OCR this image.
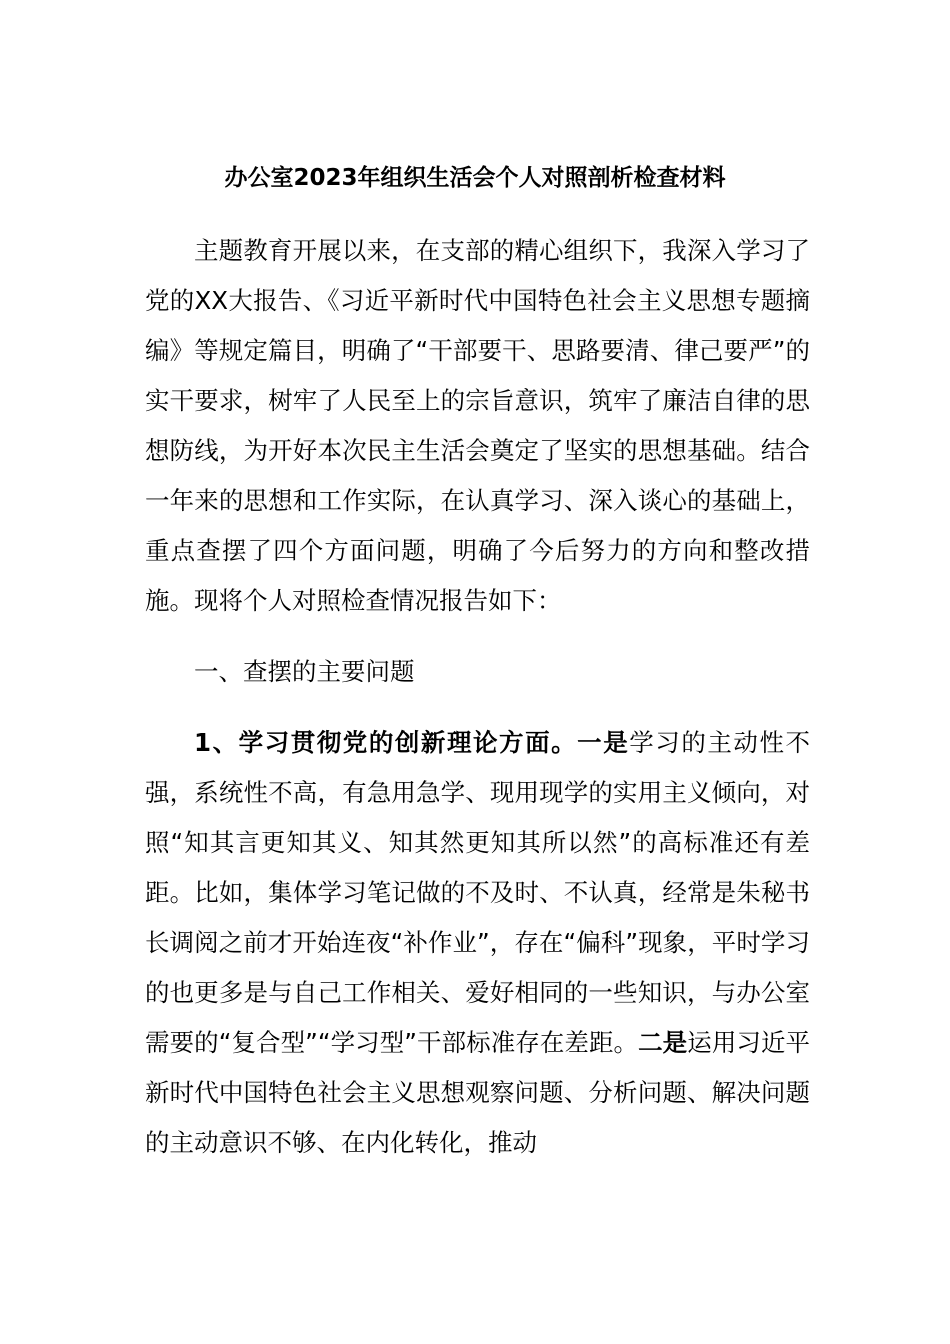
办公室2023年组织生活会个人对照剖析检查材料

主题教育开展以来，在支部的精心组织下，我深入学习了党的XX大报告、《习近平新时代中国特色社会主义思想专题摘编》等规定篇目，明确了“干部要干、思路要清、律己要严”的实干要求，树牢了人民至上的宗旨意识，筑牢了廉洁自律的思想防线，为开好本次民主生活会奠定了坚实的思想基础。结合一年来的思想和工作实际，在认真学习、深入谈心的基础上，重点查摆了四个方面问题，明确了今后努力的方向和整改措施。现将个人对照检查情况报告如下：

一、查摆的主要问题

1、学习贯彻党的创新理论方面。一是学习的主动性不强，系统性不高，有急用急学、现用现学的实用主义倾向，对照“知其言更知其义、知其然更知其所以然”的高标准还有差距。比如，集体学习笔记做的不及时、不认真，经常是朱秘书长调阅之前才开始连夜“补作业”，存在“偏科”现象，平时学习的也更多是与自己工作相关、爱好相同的一些知识，与办公室需要的“复合型”“学习型”干部标准存在差距。二是运用习近平新时代中国特色社会主义思想观察问题、分析问题、解决问题的主动意识不够、在内化转化，推动
